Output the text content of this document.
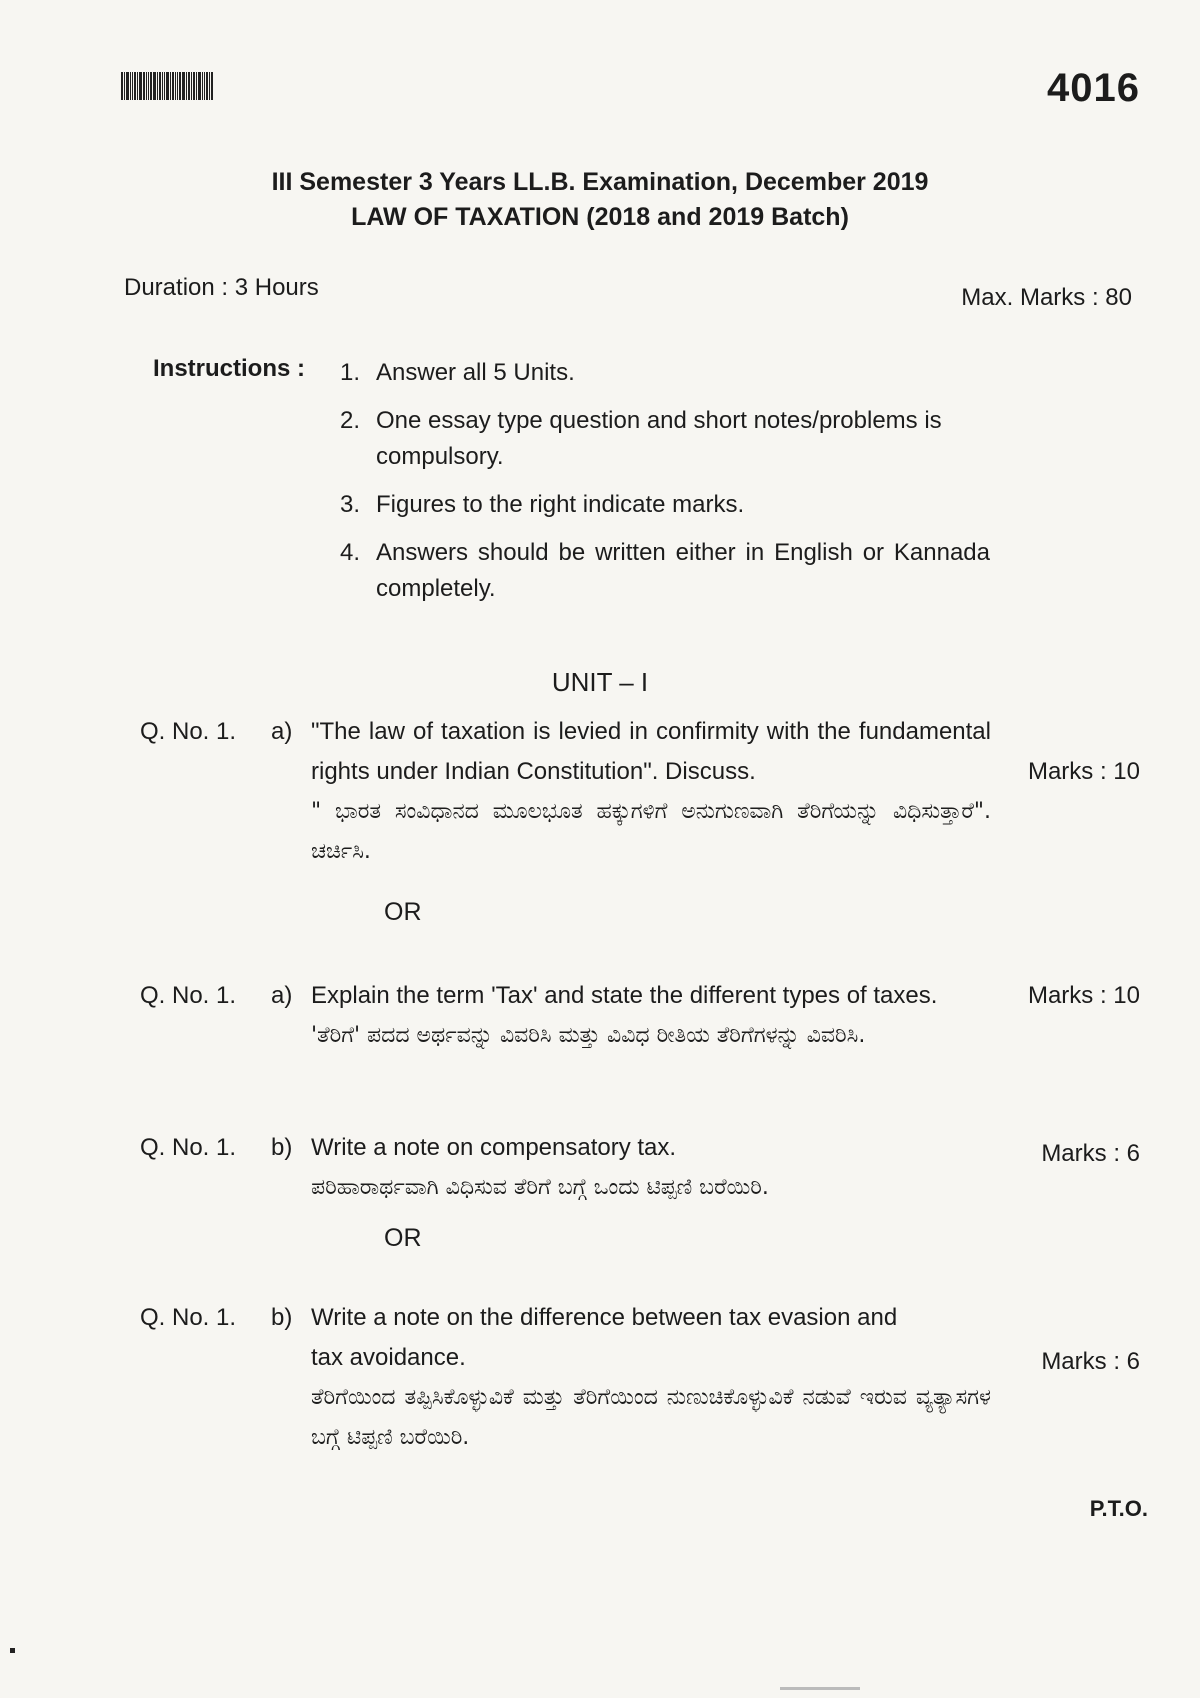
4016
III Semester 3 Years LL.B. Examination, December 2019
LAW OF TAXATION (2018 and 2019 Batch)
Duration : 3 Hours	Max. Marks : 80
Instructions : 1. Answer all 5 Units.
2. One essay type question and short notes/problems is compulsory.
3. Figures to the right indicate marks.
4. Answers should be written either in English or Kannada completely.
UNIT – I
Q. No. 1. a) "The law of taxation is levied in confirmity with the fundamental rights under Indian Constitution". Discuss.
" ಭಾರತ ಸಂವಿಧಾನದ ಮೂಲಭೂತ ಹಕ್ಕುಗಳಿಗೆ ಅನುಗುಣವಾಗಿ ತೆರಿಗೆಯನ್ನು ವಿಧಿಸುತ್ತಾರೆ". ಚರ್ಚಿಸಿ.
Marks : 10
OR
Q. No. 1. a) Explain the term 'Tax' and state the different types of taxes.
'ತೆರಿಗೆ' ಪದದ ಅರ್ಥವನ್ನು ವಿವರಿಸಿ ಮತ್ತು ವಿವಿಧ ರೀತಿಯ ತೆರಿಗೆಗಳನ್ನು ವಿವರಿಸಿ.
Marks : 10
Q. No. 1. b) Write a note on compensatory tax.
ಪರಿಹಾರಾರ್ಥವಾಗಿ ವಿಧಿಸುವ ತೆರಿಗೆ ಬಗ್ಗೆ ಒಂದು ಟಿಪ್ಪಣಿ ಬರೆಯಿರಿ.
Marks : 6
OR
Q. No. 1. b) Write a note on the difference between tax evasion and tax avoidance.
ತೆರಿಗೆಯಿಂದ ತಪ್ಪಿಸಿಕೊಳ್ಳುವಿಕೆ ಮತ್ತು ತೆರಿಗೆಯಿಂದ ನುಣುಚಿಕೊಳ್ಳುವಿಕೆ ನಡುವೆ ಇರುವ ವ್ಯತ್ಯಾಸಗಳ ಬಗ್ಗೆ ಟಿಪ್ಪಣಿ ಬರೆಯಿರಿ.
Marks : 6
P.T.O.
